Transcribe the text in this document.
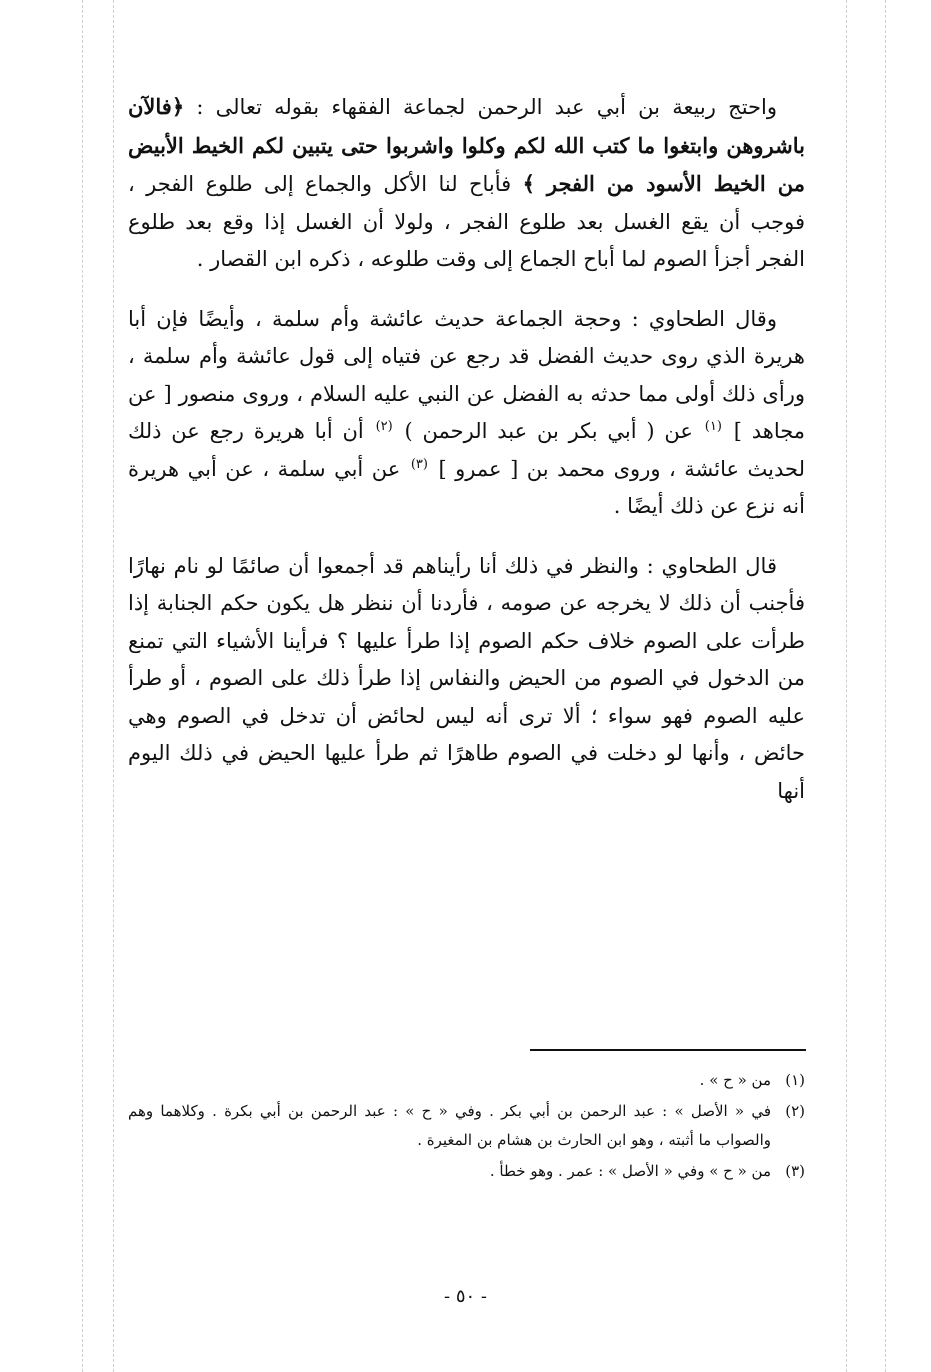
واحتج ربيعة بن أبي عبد الرحمن لجماعة الفقهاء بقوله تعالى : ﴿فالآن باشروهن وابتغوا ما كتب الله لكم وكلوا واشربوا حتى يتبين لكم الخيط الأبيض من الخيط الأسود من الفجر ﴾ فأباح لنا الأكل والجماع إلى طلوع الفجر ، فوجب أن يقع الغسل بعد طلوع الفجر ، ولولا أن الغسل إذا وقع بعد طلوع الفجر أجزأ الصوم لما أباح الجماع إلى وقت طلوعه ، ذكره ابن القصار .

وقال الطحاوي : وحجة الجماعة حديث عائشة وأم سلمة ، وأيضًا فإن أبا هريرة الذي روى حديث الفضل قد رجع عن فتياه إلى قول عائشة وأم سلمة ، ورأى ذلك أولى مما حدثه به الفضل عن النبي عليه السلام ، وروى منصور [ عن مجاهد ] $^{(١)}$ عن ( أبي بكر بن عبد الرحمن ) $^{(٢)}$ أن أبا هريرة رجع عن ذلك لحديث عائشة ، وروى محمد بن [ عمرو ] $^{(٣)}$ عن أبي سلمة ، عن أبي هريرة أنه نزع عن ذلك أيضًا .

قال الطحاوي : والنظر في ذلك أنا رأيناهم قد أجمعوا أن صائمًا لو نام نهارًا فأجنب أن ذلك لا يخرجه عن صومه ، فأردنا أن ننظر هل يكون حكم الجنابة إذا طرأت على الصوم خلاف حكم الصوم إذا طرأ عليها ؟ فرأينا الأشياء التي تمنع من الدخول في الصوم من الحيض والنفاس إذا طرأ ذلك على الصوم ، أو طرأ عليه الصوم فهو سواء ؛ ألا ترى أنه ليس لحائض أن تدخل في الصوم وهي حائض ، وأنها لو دخلت في الصوم طاهرًا ثم طرأ عليها الحيض في ذلك اليوم أنها

(١)
من « ح » .
(٢)
في « الأصل » : عبد الرحمن بن أبي بكر . وفي « ح » : عبد الرحمن بن أبي بكرة . وكلاهما وهم والصواب ما أثبته ، وهو ابن الحارث بن هشام بن المغيرة .
(٣)
من « ح » وفي « الأصل » : عمر . وهو خطأ .
- ٥٠ -
